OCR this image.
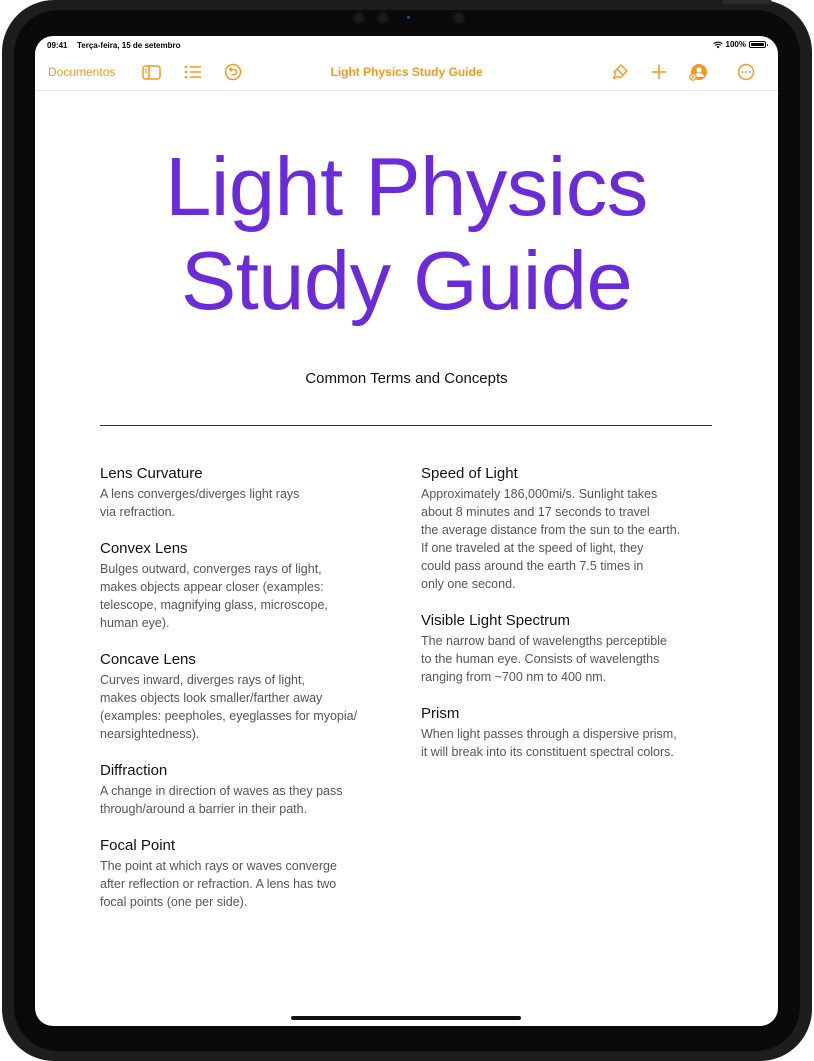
09:41 Terça-feira, 15 de setembro	100%
Documentos	Light Physics Study Guide
Light Physics
Study Guide
Common Terms and Concepts
Lens Curvature
A lens converges/diverges light rays
via refraction.
Convex Lens
Bulges outward, converges rays of light,
makes objects appear closer (examples:
telescope, magnifying glass, microscope,
human eye).
Concave Lens
Curves inward, diverges rays of light,
makes objects look smaller/farther away
(examples: peepholes, eyeglasses for myopia/
nearsightedness).
Diffraction
A change in direction of waves as they pass
through/around a barrier in their path.
Focal Point
The point at which rays or waves converge
after reflection or refraction. A lens has two
focal points (one per side).
Speed of Light
Approximately 186,000mi/s. Sunlight takes
about 8 minutes and 17 seconds to travel
the average distance from the sun to the earth.
If one traveled at the speed of light, they
could pass around the earth 7.5 times in
only one second.
Visible Light Spectrum
The narrow band of wavelengths perceptible
to the human eye. Consists of wavelengths
ranging from ~700 nm to 400 nm.
Prism
When light passes through a dispersive prism,
it will break into its constituent spectral colors.
